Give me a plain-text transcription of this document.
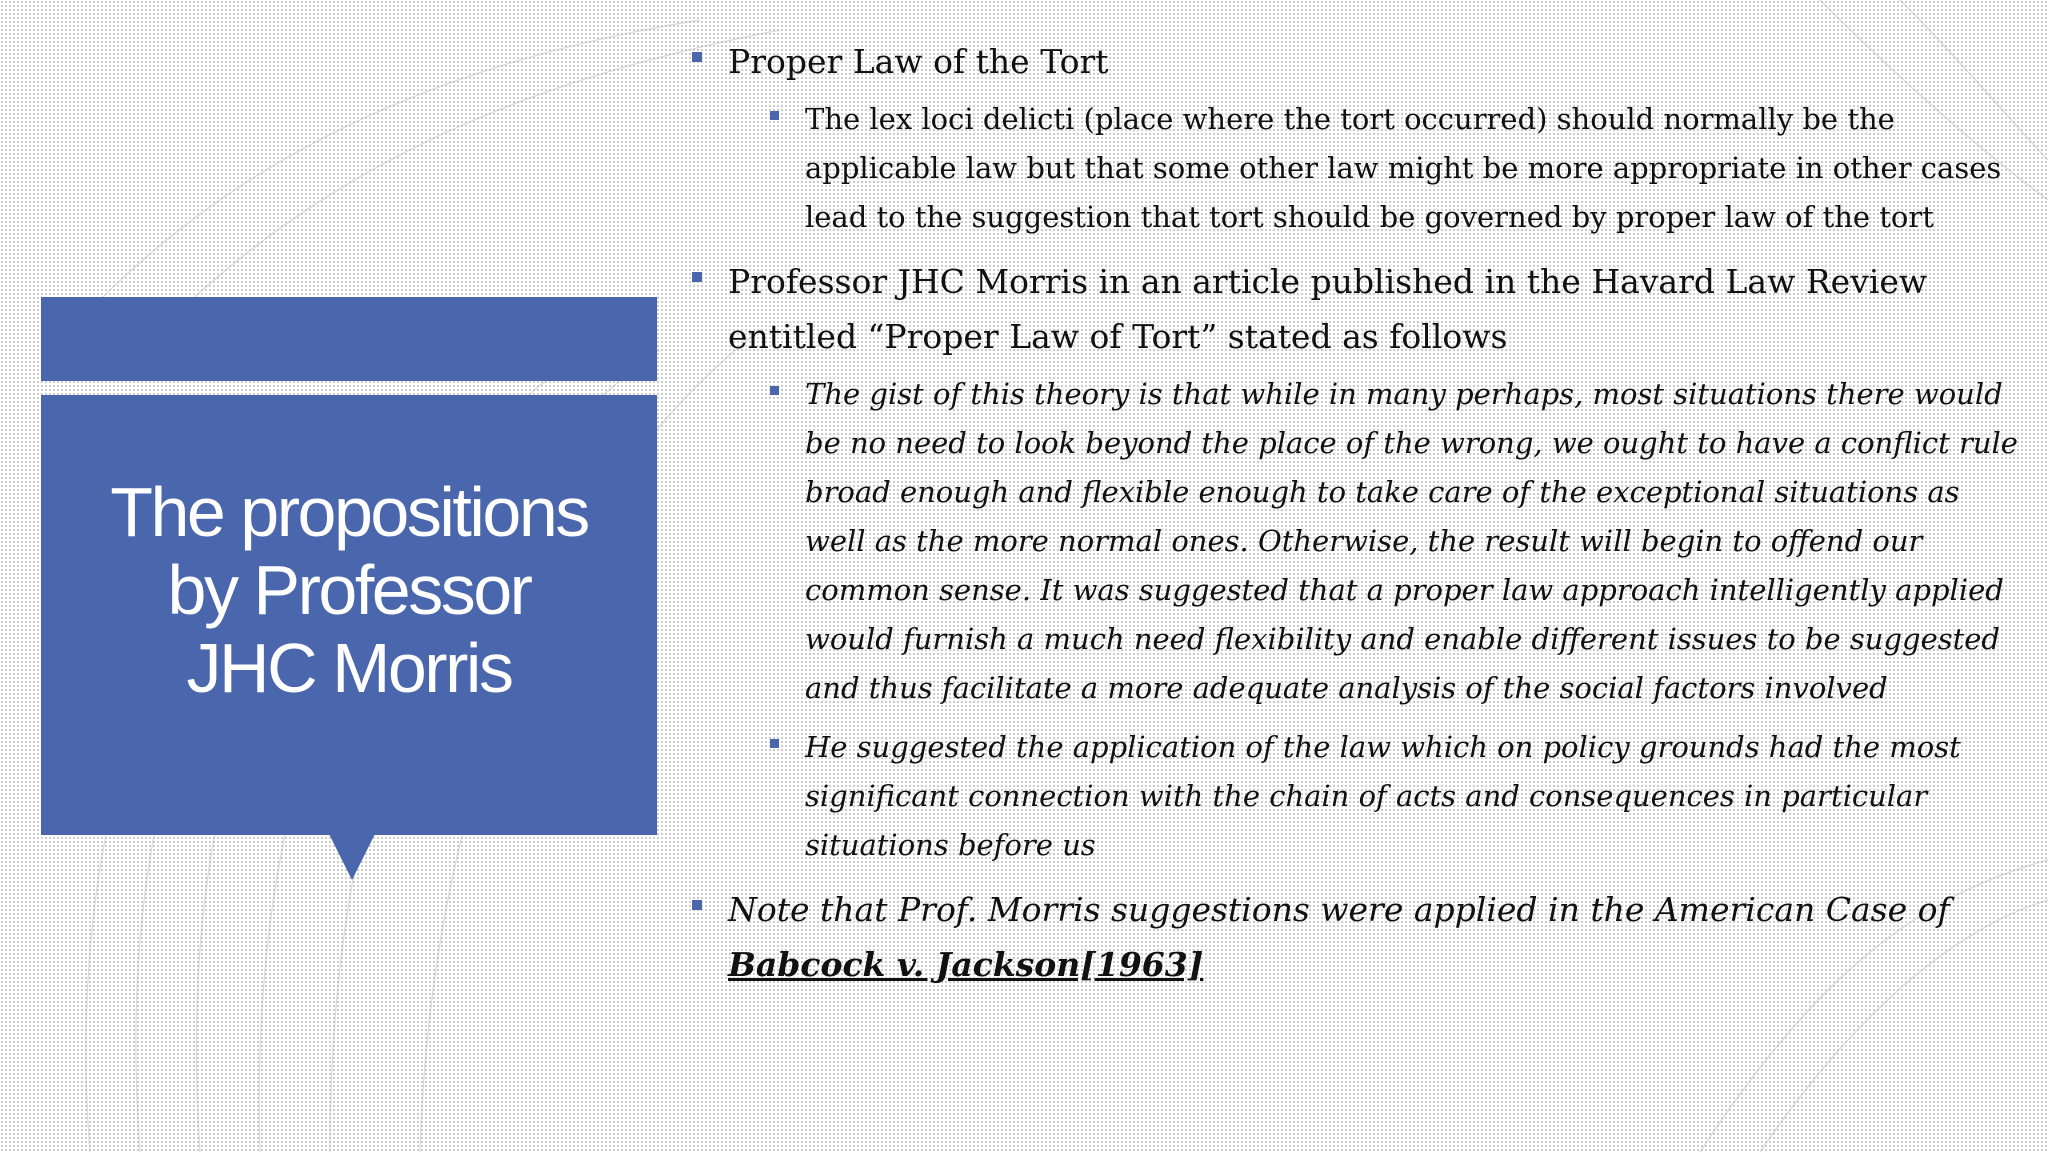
The propositions by Professor JHC Morris
Proper Law of the Tort
The lex loci delicti (place where the tort occurred) should normally be the applicable law but that some other law might be more appropriate in other cases lead to the suggestion that tort should be governed by proper law of the tort
Professor JHC Morris in an article published in the Havard Law Review entitled “Proper Law of Tort” stated as follows
The gist of this theory is that while in many perhaps, most situations there would be no need to look beyond the place of the wrong, we ought to have a conflict rule broad enough and flexible enough to take care of the exceptional situations as well as the more normal ones. Otherwise, the result will begin to offend our common sense. It was suggested that a proper law approach intelligently applied would furnish a much need flexibility and enable different issues to be suggested and thus facilitate a more adequate analysis of the social factors involved
He suggested the application of the law which on policy grounds had the most significant connection with the chain of acts and consequences in particular situations before us
Note that Prof. Morris suggestions were applied in the American Case of
Babcock v. Jackson[1963]
